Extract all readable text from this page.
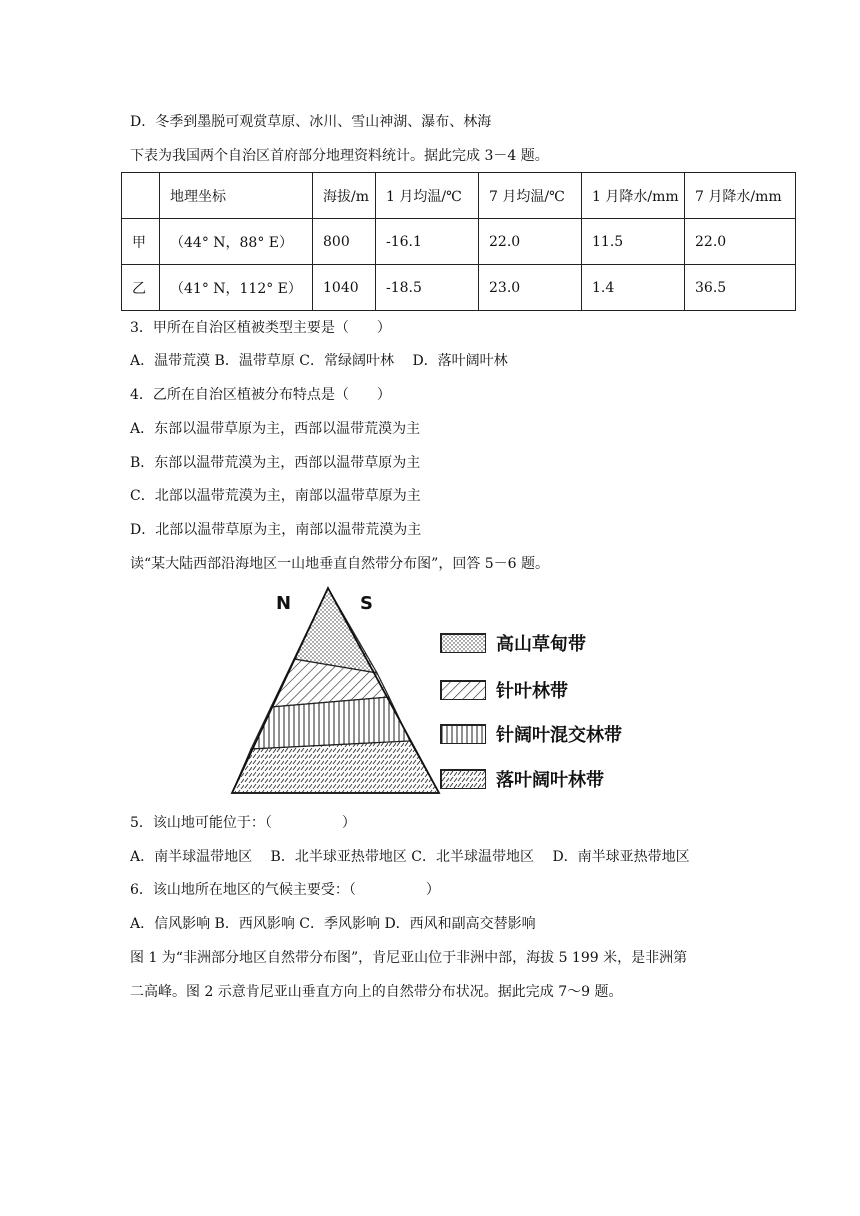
D．冬季到墨脱可观赏草原、冰川、雪山神湖、瀑布、林海
下表为我国两个自治区首府部分地理资料统计。据此完成 3－4 题。
	地理坐标	海拔/m	1 月均温/℃	7 月均温/℃	1 月降水/mm	7 月降水/mm
甲	（44° N，88° E）	800	-16.1	22.0	11.5	22.0
乙	（41° N，112° E）	1040	-18.5	23.0	1.4	36.5
3．甲所在自治区植被类型主要是（　　）
A．温带荒漠 B．温带草原 C．常绿阔叶林　 D．落叶阔叶林
4．乙所在自治区植被分布特点是（　　）
A．东部以温带草原为主，西部以温带荒漠为主
B．东部以温带荒漠为主，西部以温带草原为主
C．北部以温带荒漠为主，南部以温带草原为主
D．北部以温带草原为主，南部以温带荒漠为主
读“某大陆西部沿海地区一山地垂直自然带分布图”，回答 5－6 题。
N	S
高山草甸带
针叶林带
针阔叶混交林带
落叶阔叶林带
5．该山地可能位于：（　　　　　）
A．南半球温带地区　 B．北半球亚热带地区 C．北半球温带地区　 D．南半球亚热带地区
6．该山地所在地区的气候主要受：（　　　　　）
A．信风影响 B．西风影响 C．季风影响 D．西风和副高交替影响
图 1 为“非洲部分地区自然带分布图”，肯尼亚山位于非洲中部，海拔 5 199 米，是非洲第
二高峰。图 2 示意肯尼亚山垂直方向上的自然带分布状况。据此完成 7～9 题。
